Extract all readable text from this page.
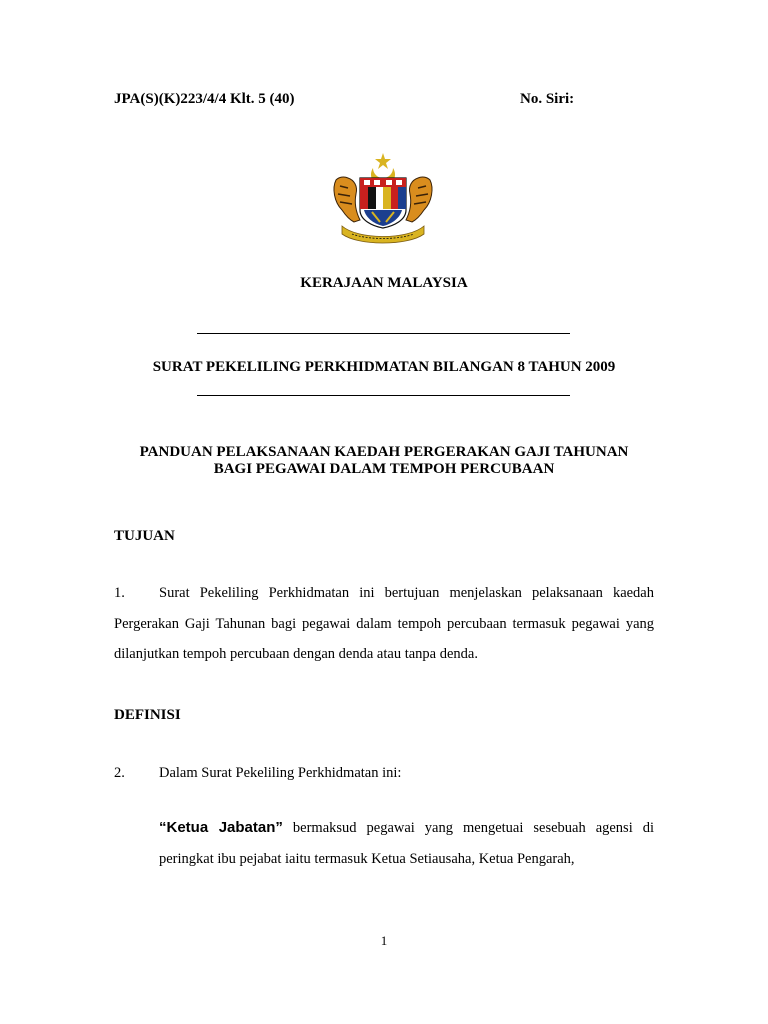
JPA(S)(K)223/4/4 Klt. 5 (40)	No. Siri:
KERAJAAN MALAYSIA
SURAT PEKELILING PERKHIDMATAN BILANGAN 8 TAHUN 2009
PANDUAN PELAKSANAAN KAEDAH PERGERAKAN GAJI TAHUNAN
BAGI PEGAWAI DALAM TEMPOH PERCUBAAN
TUJUAN
1. Surat Pekeliling Perkhidmatan ini bertujuan menjelaskan pelaksanaan kaedah Pergerakan Gaji Tahunan bagi pegawai dalam tempoh percubaan termasuk pegawai yang dilanjutkan tempoh percubaan dengan denda atau tanpa denda.
DEFINISI
2. Dalam Surat Pekeliling Perkhidmatan ini:
“Ketua Jabatan” bermaksud pegawai yang mengetuai sesebuah agensi di peringkat ibu pejabat iaitu termasuk Ketua Setiausaha, Ketua Pengarah,
1
